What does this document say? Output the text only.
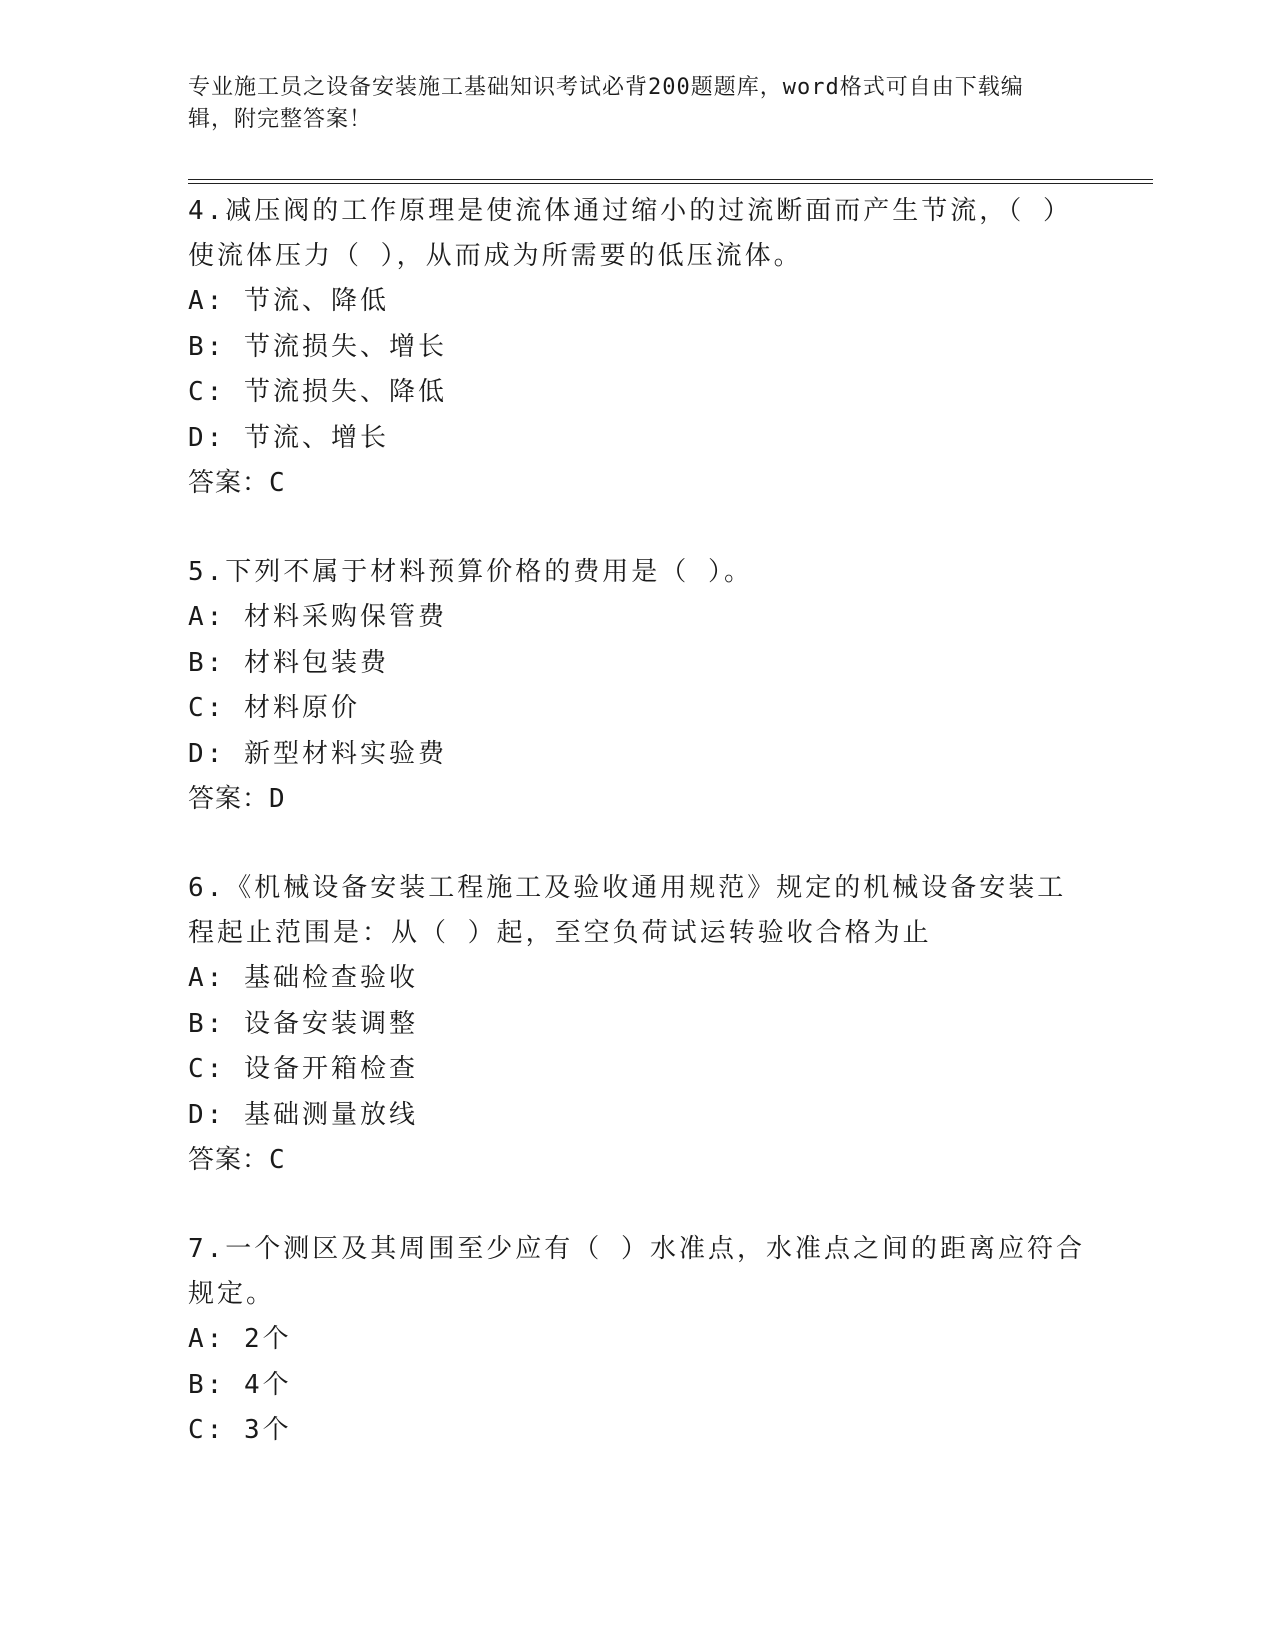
专业施工员之设备安装施工基础知识考试必背200题题库，word格式可自由下载编辑，附完整答案！
4.减压阀的工作原理是使流体通过缩小的过流断面而产生节流，（ ）使流体压力（ ），从而成为所需要的低压流体。
A: 节流、降低
B: 节流损失、增长
C: 节流损失、降低
D: 节流、增长
答案：C
5.下列不属于材料预算价格的费用是（ ）。
A: 材料采购保管费
B: 材料包装费
C: 材料原价
D: 新型材料实验费
答案：D
6.《机械设备安装工程施工及验收通用规范》规定的机械设备安装工程起止范围是：从（ ）起，至空负荷试运转验收合格为止
A: 基础检查验收
B: 设备安装调整
C: 设备开箱检查
D: 基础测量放线
答案：C
7.一个测区及其周围至少应有（ ）水准点，水准点之间的距离应符合规定。
A: 2个
B: 4个
C: 3个
